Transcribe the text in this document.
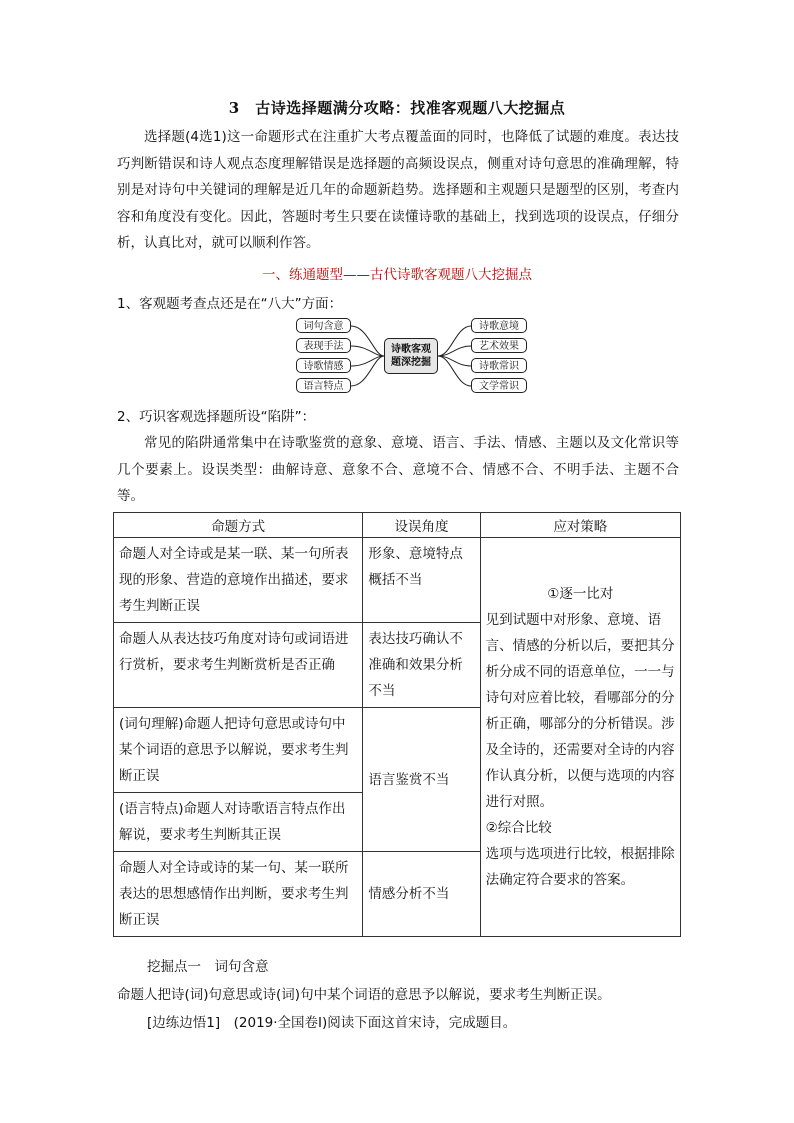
3　古诗选择题满分攻略：找准客观题八大挖掘点

选择题(4选1)这一命题形式在注重扩大考点覆盖面的同时，也降低了试题的难度。表达技巧判断错误和诗人观点态度理解错误是选择题的高频设误点，侧重对诗句意思的准确理解，特别是对诗句中关键词的理解是近几年的命题新趋势。选择题和主观题只是题型的区别，考查内容和角度没有变化。因此，答题时考生只要在读懂诗歌的基础上，找到选项的设误点，仔细分析，认真比对，就可以顺利作答。

一、练通题型——古代诗歌客观题八大挖掘点
1、客观题考查点还是在“八大”方面：
词句含意
表现手法
诗歌情感
语言特点
诗歌客观
题深挖掘
诗歌意境
艺术效果
诗歌常识
文学常识
2、巧识客观选择题所设“陷阱”：

常见的陷阱通常集中在诗歌鉴赏的意象、意境、语言、手法、情感、主题以及文化常识等几个要素上。设误类型：曲解诗意、意象不合、意境不合、情感不合、不明手法、主题不合等。

命题方式	设误角度	应对策略
命题人对全诗或是某一联、某一句所表现的形象、营造的意境作出描述，要求考生判断正误	形象、意境特点概括不当	①逐一比对
见到试题中对形象、意境、语言、情感的分析以后，要把其分析分成不同的语意单位，一一与诗句对应着比较，看哪部分的分析正确，哪部分的分析错误。涉及全诗的，还需要对全诗的内容作认真分析，以便与选项的内容进行对照。
②综合比较
选项与选项进行比较，根据排除法确定符合要求的答案。
命题人从表达技巧角度对诗句或词语进行赏析，要求考生判断赏析是否正确	表达技巧确认不准确和效果分析不当	
(词句理解)命题人把诗句意思或诗句中某个词语的意思予以解说，要求考生判断正误	语言鉴赏不当	
(语言特点)命题人对诗歌语言特点作出解说，要求考生判断其正误		
命题人对全诗或诗的某一句、某一联所表达的思想感情作出判断，要求考生判断正误	情感分析不当	
挖掘点一　词句含意
命题人把诗(词)句意思或诗(词)句中某个词语的意思予以解说，要求考生判断正误。
[边练边悟1]　(2019·全国卷Ⅰ)阅读下面这首宋诗，完成题目。
